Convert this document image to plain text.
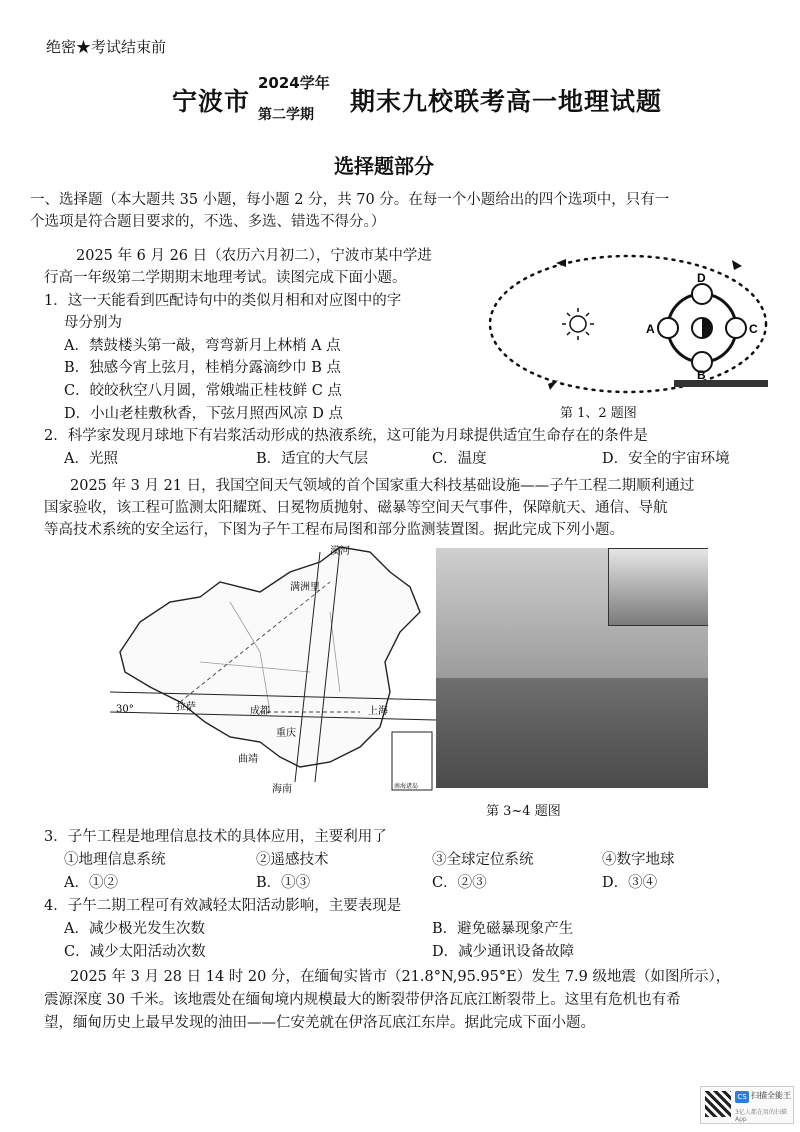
绝密★考试结束前
宁波市
2024学年
第二学期 期末九校联考高一地理试题
选择题部分
一、选择题（本大题共 35 小题，每小题 2 分，共 70 分。在每一个小题给出的四个选项中，只有一
个选项是符合题目要求的，不选、多选、错选不得分。）
2025 年 6 月 26 日（农历六月初二），宁波市某中学进
行高一年级第二学期期末地理考试。读图完成下面小题。
1．这一天能看到匹配诗句中的类似月相和对应图中的字
母分别为
A．禁鼓楼头第一敲，弯弯新月上林梢 A 点
B．独感今宵上弦月，桂梢分露滴纱巾 B 点
C．皎皎秋空八月圆，常娥端正桂枝鲜 C 点
D．小山老桂敷秋香，下弦月照西风凉 D 点
A	C
D
B
第 1、2 题图
2．科学家发现月球地下有岩浆活动形成的热液系统，这可能为月球提供适宜生命存在的条件是
A．光照	B．适宜的大气层	C．温度	D．安全的宇宙环境
2025 年 3 月 21 日，我国空间天气领域的首个国家重大科技基础设施——子午工程二期顺利通过
国家验收，该工程可监测太阳耀斑、日冕物质抛射、磁暴等空间天气事件，保障航天、通信、导航
等高技术系统的安全运行，下图为子午工程布局图和部分监测装置图。据此完成下列小题。
漠河
满洲里
拉萨	成都
重庆
上海
曲靖
海南
30°
南海诸岛
第 3~4 题图
3．子午工程是地理信息技术的具体应用，主要利用了
①地理信息系统	②遥感技术	③全球定位系统	④数字地球
A．①②	B．①③	C．②③	D．③④
4．子午二期工程可有效减轻太阳活动影响，主要表现是
A．减少极光发生次数	B．避免磁暴现象产生
C．减少太阳活动次数	D．减少通讯设备故障
2025 年 3 月 28 日 14 时 20 分，在缅甸实皆市（21.8°N,95.95°E）发生 7.9 级地震（如图所示），
震源深度 30 千米。该地震处在缅甸境内规模最大的断裂带伊洛瓦底江断裂带上。这里有危机也有希
望，缅甸历史上最早发现的油田——仁安羌就在伊洛瓦底江东岸。据此完成下面小题。
CS 扫描全能王
3亿人都在用的扫描App
